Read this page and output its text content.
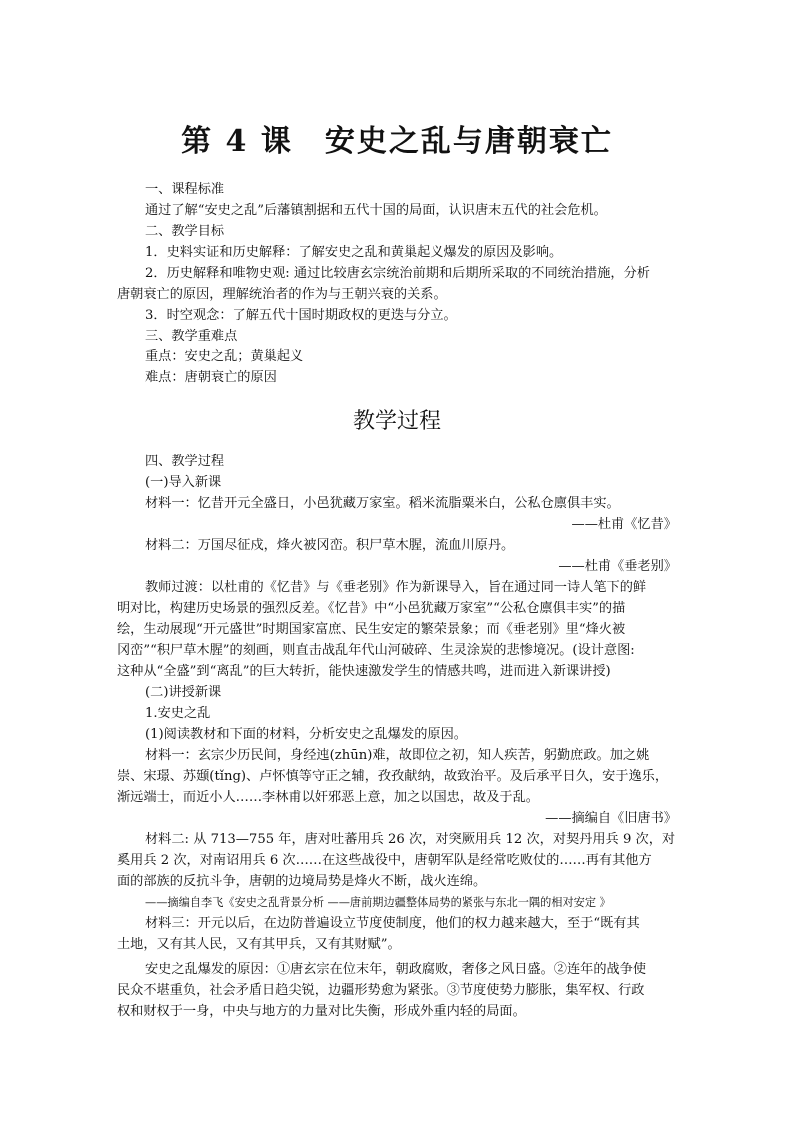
第 4 课　安史之乱与唐朝衰亡
一、课程标准
通过了解“安史之乱”后藩镇割据和五代十国的局面，认识唐末五代的社会危机。
二、教学目标
1．史料实证和历史解释：了解安史之乱和黄巢起义爆发的原因及影响。
2．历史解释和唯物史观: 通过比较唐玄宗统治前期和后期所采取的不同统治措施，分析
唐朝衰亡的原因，理解统治者的作为与王朝兴衰的关系。
3．时空观念：了解五代十国时期政权的更迭与分立。
三、教学重难点
重点：安史之乱；黄巢起义
难点：唐朝衰亡的原因
教学过程
四、教学过程
(一)导入新课
材料一：忆昔开元全盛日，小邑犹藏万家室。稻米流脂粟米白，公私仓廪俱丰实。
——杜甫《忆昔》
材料二：万国尽征戍，烽火被冈峦。积尸草木腥，流血川原丹。
——杜甫《垂老别》
教师过渡：以杜甫的《忆昔》与《垂老别》作为新课导入，旨在通过同一诗人笔下的鲜
明对比，构建历史场景的强烈反差。《忆昔》中“小邑犹藏万家室”“公私仓廪俱丰实”的描
绘，生动展现“开元盛世”时期国家富庶、民生安定的繁荣景象；而《垂老别》里“烽火被
冈峦”“积尸草木腥”的刻画，则直击战乱年代山河破碎、生灵涂炭的悲惨境况。(设计意图:
这种从“全盛”到“离乱”的巨大转折，能快速激发学生的情感共鸣，进而进入新课讲授)
(二)讲授新课
1.安史之乱
(1)阅读教材和下面的材料，分析安史之乱爆发的原因。
材料一：玄宗少历民间，身经迍(zhūn)难，故即位之初，知人疾苦，躬勤庶政。加之姚
崇、宋璟、苏颋(tǐng)、卢怀慎等守正之辅，孜孜献纳，故致治平。及后承平日久，安于逸乐，
渐远端士，而近小人……李林甫以奸邪恶上意，加之以国忠，故及于乱。
——摘编自《旧唐书》
材料二: 从 713—755 年，唐对吐蕃用兵 26 次，对突厥用兵 12 次，对契丹用兵 9 次，对
奚用兵 2 次，对南诏用兵 6 次……在这些战役中，唐朝军队是经常吃败仗的……再有其他方
面的部族的反抗斗争，唐朝的边境局势是烽火不断，战火连绵。
——摘编自李飞《安史之乱背景分析 ——唐前期边疆整体局势的紧张与东北一隅的相对安定 》
材料三：开元以后，在边防普遍设立节度使制度，他们的权力越来越大，至于“既有其
土地，又有其人民，又有其甲兵，又有其财赋”。
安史之乱爆发的原因：①唐玄宗在位末年，朝政腐败，奢侈之风日盛。②连年的战争使
民众不堪重负，社会矛盾日趋尖锐，边疆形势愈为紧张。③节度使势力膨胀，集军权、行政
权和财权于一身，中央与地方的力量对比失衡，形成外重内轻的局面。
